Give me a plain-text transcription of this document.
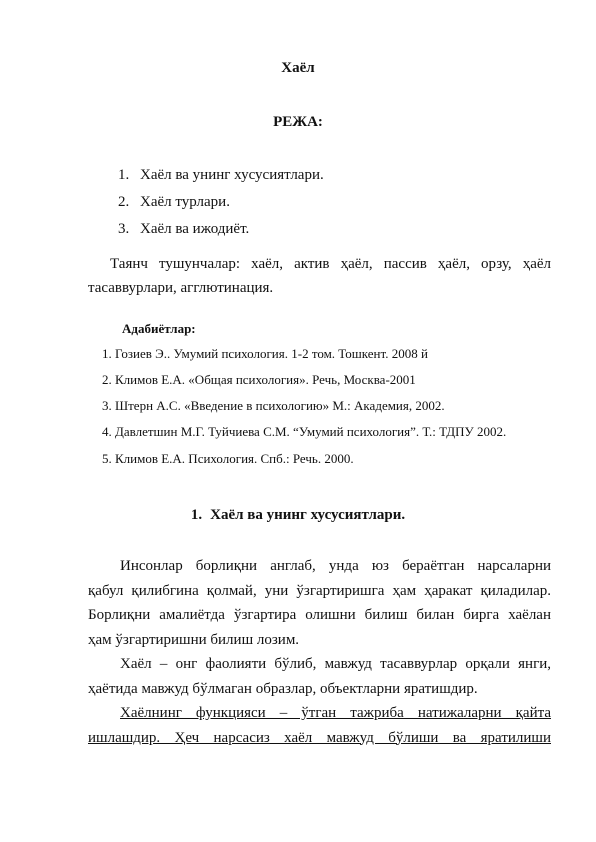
Хаёл
РЕЖА:
1. Хаёл ва унинг хусусиятлари.
2. Хаёл турлари.
3. Хаёл ва ижодиёт.
Таянч тушунчалар: хаёл, актив ҳаёл, пассив ҳаёл, орзу, ҳаёл
тасаввурлари, агглютинация.
Адабиётлар:
1. Гозиев Э.. Умумий психология. 1-2 том. Тошкент. 2008 й
2. Климов Е.А. «Общая психология». Речь, Москва-2001
3. Штерн А.С. «Введение в психологию» М.: Академия, 2002.
4. Давлетшин М.Г. Туйчиева С.М. “Умумий психология”. Т.: ТДПУ 2002.
5. Климов Е.А. Психология. Спб.: Речь. 2000.
1. Хаёл ва унинг хусусиятлари.
Инсонлар борлиқни англаб, унда юз бераётган нарсаларни
қабул қилибгина қолмай, уни ўзгартиришга ҳам ҳаракат қиладилар.
Борлиқни амалиётда ўзгартира олишни билиш билан бирга хаёлан
ҳам ўзгартиришни билиш лозим.
Хаёл – онг фаолияти бўлиб, мавжуд тасаввурлар орқали янги,
ҳаётида мавжуд бўлмаган образлар, объектларни яратишдир.
Хаёлнинг функцияси – ўтган тажриба натижаларни қайта
ишлашдир. Ҳеч нарсасиз хаёл мавжуд бўлиши ва яратилиши
